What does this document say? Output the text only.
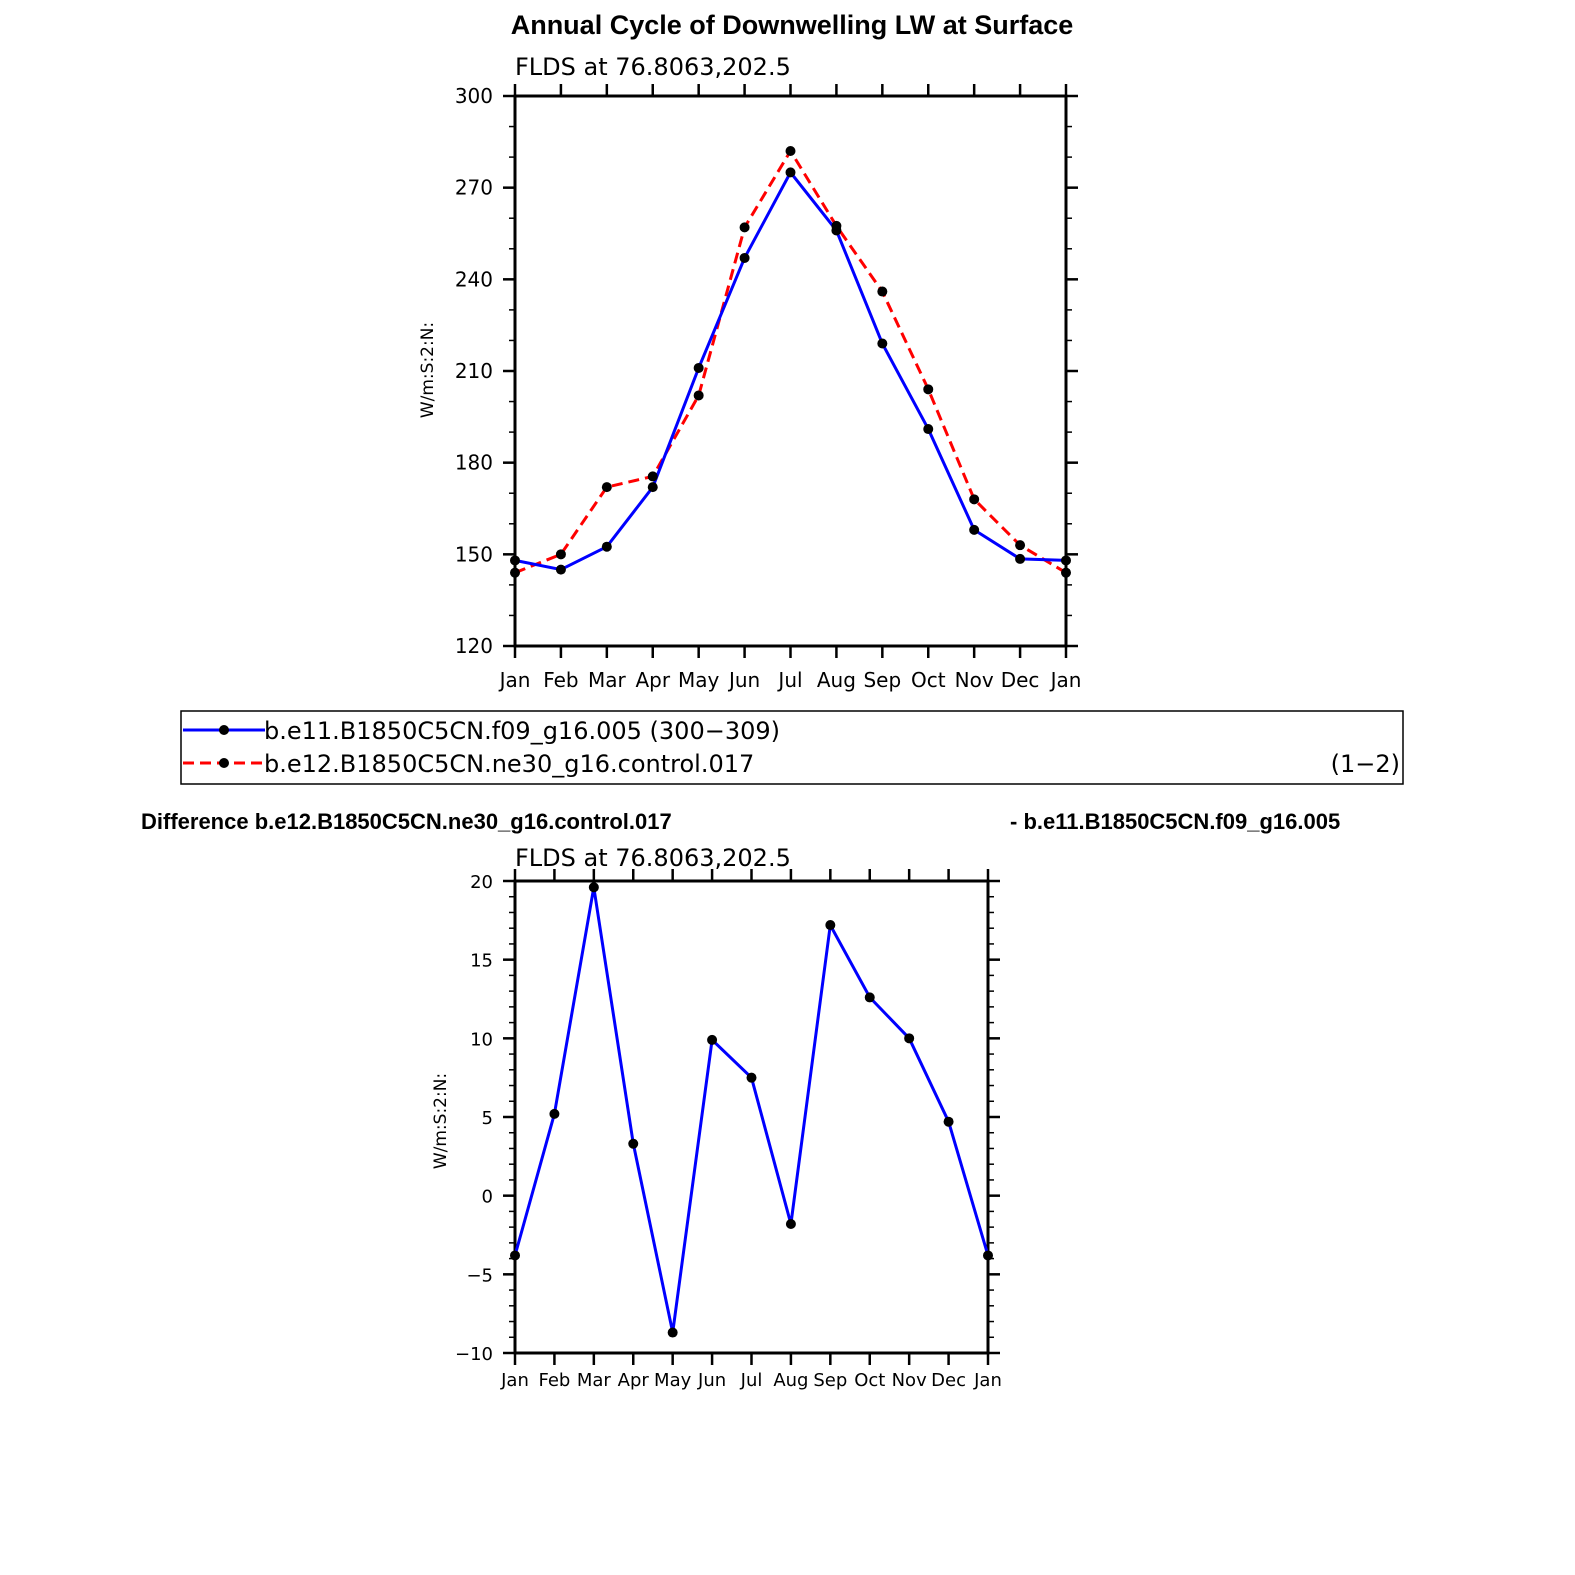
Annual Cycle of Downwelling LW at Surface
FLDS at 76.8063,202.5
Jan Feb Mar Apr May Jun Jul Aug Sep Oct Nov Dec Jan
120
150
180
210
240
270
300
W/m:S:2:N:
b.e11.B1850C5CN.f09_g16.005 (300−309)
b.e12.B1850C5CN.ne30_g16.control.017	(1−2)
Difference b.e12.B1850C5CN.ne30_g16.control.017	- b.e11.B1850C5CN.f09_g16.005
FLDS at 76.8063,202.5
Jan Feb Mar Apr May Jun Jul Aug Sep Oct Nov Dec Jan
−10
−5
0
5
10
15
20
W/m:S:2:N:
